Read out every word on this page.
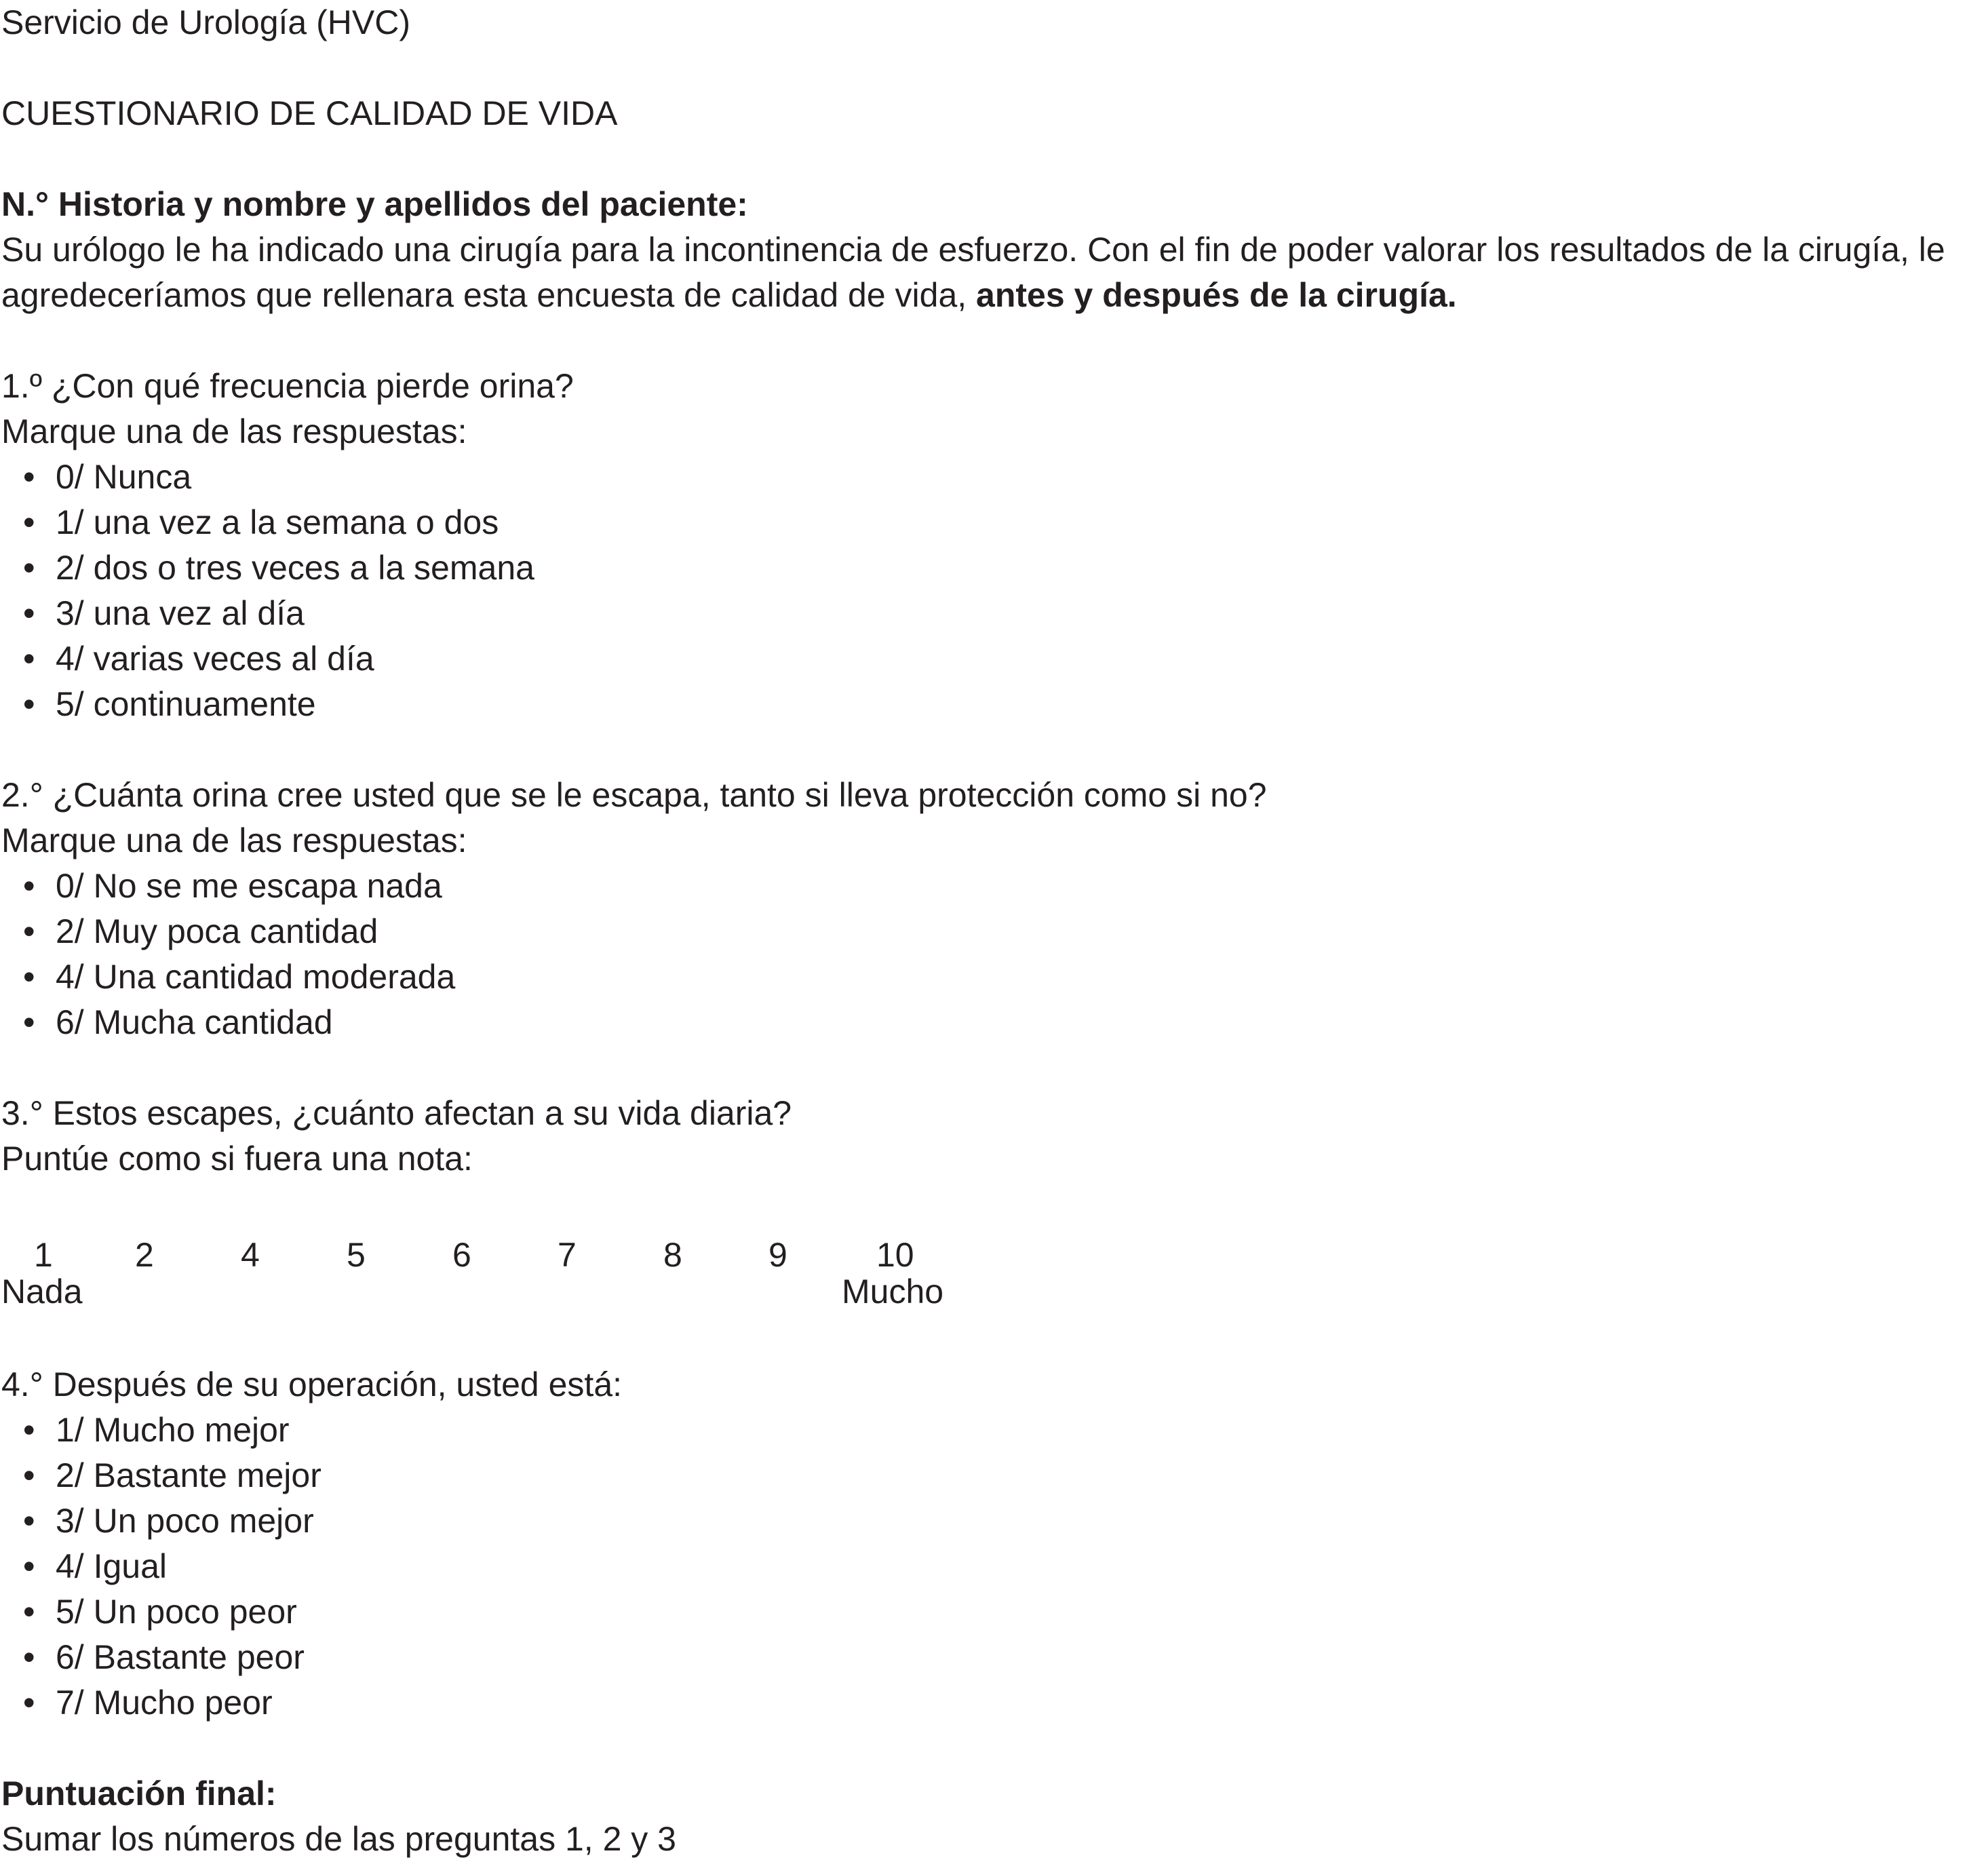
Servicio de Urología (HVC)
CUESTIONARIO DE CALIDAD DE VIDA
N.° Historia y nombre y apellidos del paciente:
Su urólogo le ha indicado una cirugía para la incontinencia de esfuerzo. Con el fin de poder valorar los resultados de la cirugía, le agredeceríamos que rellenara esta encuesta de calidad de vida, antes y después de la cirugía.
1.º ¿Con qué frecuencia pierde orina?
Marque una de las respuestas:
• 0/ Nunca
• 1/ una vez a la semana o dos
• 2/ dos o tres veces a la semana
• 3/ una vez al día
• 4/ varias veces al día
• 5/ continuamente
2.° ¿Cuánta orina cree usted que se le escapa, tanto si lleva protección como si no?
Marque una de las respuestas:
• 0/ No se me escapa nada
• 2/ Muy poca cantidad
• 4/ Una cantidad moderada
• 6/ Mucha cantidad
3.° Estos escapes, ¿cuánto afectan a su vida diaria?
Puntúe como si fuera una nota:
1 2	4	5	6	7	8	9	10
Nada	Mucho
4.° Después de su operación, usted está:
• 1/ Mucho mejor
• 2/ Bastante mejor
• 3/ Un poco mejor
• 4/ Igual
• 5/ Un poco peor
• 6/ Bastante peor
• 7/ Mucho peor
Puntuación final:
Sumar los números de las preguntas 1, 2 y 3
